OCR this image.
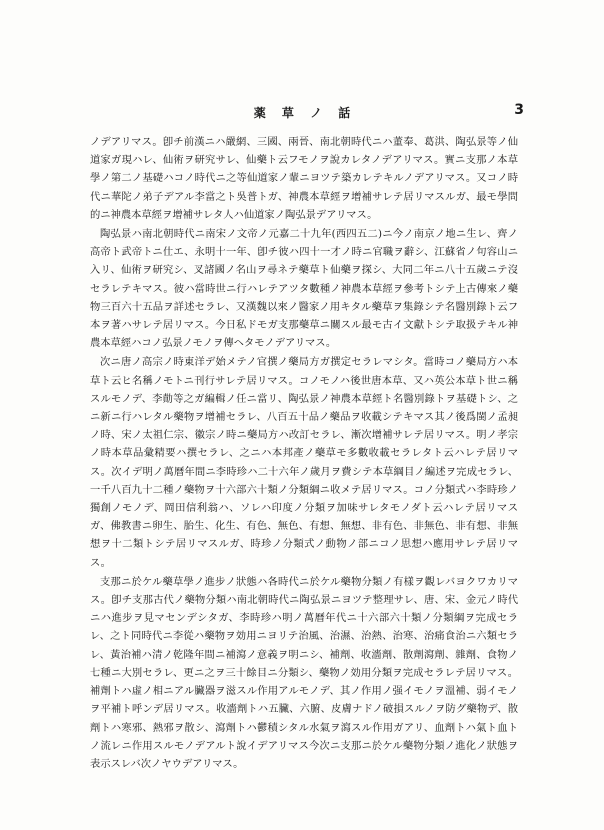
薬 草 ノ 話	3

ノデアリマス。卽チ前漢ニハ嚴網、三國、兩晉、南北朝時代ニハ董奉、葛洪、陶弘景等ノ仙道家ガ現ハレ、仙術ヲ研究サレ、仙藥ト云フモノヲ說カレタノデアリマス。實ニ支那ノ本草學ノ第二ノ基礎ハコノ時代ニ之等仙道家ノ輩ニヨツテ築カレテキルノデアリマス。又コノ時代ニ華陀ノ弟子デアル李當之ト吳普トガ、神農本草經ヲ增補サレテ居リマスルガ、最モ學問的ニ神農本草經ヲ增補サレタ人ハ仙道家ノ陶弘景デアリマス。

陶弘景ハ南北朝時代ニ南宋ノ文帝ノ元嘉二十九年(西四五二)ニ今ノ南京ノ地ニ生レ、齊ノ高帝ト武帝トニ仕エ、永明十一年、卽チ彼ハ四十一才ノ時ニ官職ヲ辭シ、江蘇省ノ句容山ニ入リ、仙術ヲ研究シ、叉諸國ノ名山ヲ尋ネテ藥草ト仙藥ヲ探シ、大同二年ニ八十五歲ニテ沒セラレテキマス。彼ハ當時世ニ行ハレテアツタ數種ノ神農本草經ヲ參考トシテ上古傳來ノ藥物三百六十五品ヲ詳述セラレ、又漢魏以來ノ醫家ノ用キタル藥草ヲ集錄シテ名醫別錄ト云フ本ヲ著ハサレテ居リマス。今日私ドモガ支那藥草ニ關スル最モ古イ文獻トシテ取扱テキル神農本草經ハコノ弘景ノモノヲ傳ヘタモノデアリマス。

次ニ唐ノ高宗ノ時東洋デ始メテノ官撰ノ藥局方ガ撰定セラレマシタ。當時コノ藥局方ハ本草ト云ヒ名稱ノモトニ刊行サレテ居リマス。コノモノハ後世唐本草、又ハ英公本草ト世ニ稱スルモノデ、李勣等之ガ編輯ノ任ニ當リ、陶弘景ノ神農本草經ト名醫別錄トヲ基礎トシ、之ニ新ニ行ハレタル藥物ヲ增補セラレ、八百五十品ノ藥品ヲ收載シテキマス其ノ後爲閩ノ孟昶ノ時、宋ノ太祖仁宗、徽宗ノ時ニ藥局方ハ改訂セラレ、漸次增補サレテ居リマス。明ノ孝宗ノ時本草品彙精要ハ撰セラレ、之ニハ本邦產ノ藥草モ多數收載セラレタト云ハレテ居リマス。次イデ明ノ萬曆年間ニ李時珍ハ二十六年ノ歲月ヲ費シテ本草綱目ノ編述ヲ完成セラレ、一千八百九十二種ノ藥物ヲ十六部六十類ノ分類綱ニ收メテ居リマス。コノ分類式ハ李時珍ノ獨創ノモノデ、岡田信利翁ハ、ソレハ印度ノ分類ヲ加味サレタモノダト云ハレテ居リマスガ、佛教書ニ卵生、胎生、化生、有色、無色、有想、無想、非有色、非無色、非有想、非無想ヲ十二類トシテ居リマスルガ、時珍ノ分類式ノ動物ノ部ニコノ思想ハ應用サレテ居リマス。

支那ニ於ケル藥草學ノ進步ノ狀態ハ各時代ニ於ケル藥物分類ノ有樣ヲ觀レバヨクワカリマス。卽チ支那古代ノ藥物分類ハ南北朝時代ニ陶弘景ニヨツテ整理サレ、唐、宋、金元ノ時代ニハ進步ヲ見マセンデシタガ、李時珍ハ明ノ萬曆年代ニ十六部六十類ノ分類綱ヲ完成セラレ、之ト同時代ニ李從ハ藥物ヲ効用ニヨリテ治風、治濕、治熱、治寒、治痛食治ニ六類セラレ、黃治補ハ清ノ乾隆年間ニ補瀉ノ意義ヲ明ニシ、補劑、收濇劑、散劑瀉劑、雜劑、食物ノ七種ニ大別セラレ、更ニ之ヲ三十餘目ニ分類シ、藥物ノ効用分類ヲ完成セラレテ居リマス。補劑トハ虛ノ相ニアル臟器ヲ滋スル作用アルモノデ、其ノ作用ノ强イモノヲ溫補、弱イモノヲ平補ト呼ンデ居リマス。收濇劑トハ五臟、六腑、皮膚ナドノ破損スルノヲ防グ藥物デ、散劑トハ寒邪、熱邪ヲ散シ、瀉劑トハ鬱積シタル水氣ヲ瀉スル作用ガアリ、血劑トハ氣ト血トノ流レニ作用スルモノデアルト說イデアリマス今次ニ支那ニ於ケル藥物分類ノ進化ノ狀態ヲ表示スレバ次ノヤウデアリマス。
